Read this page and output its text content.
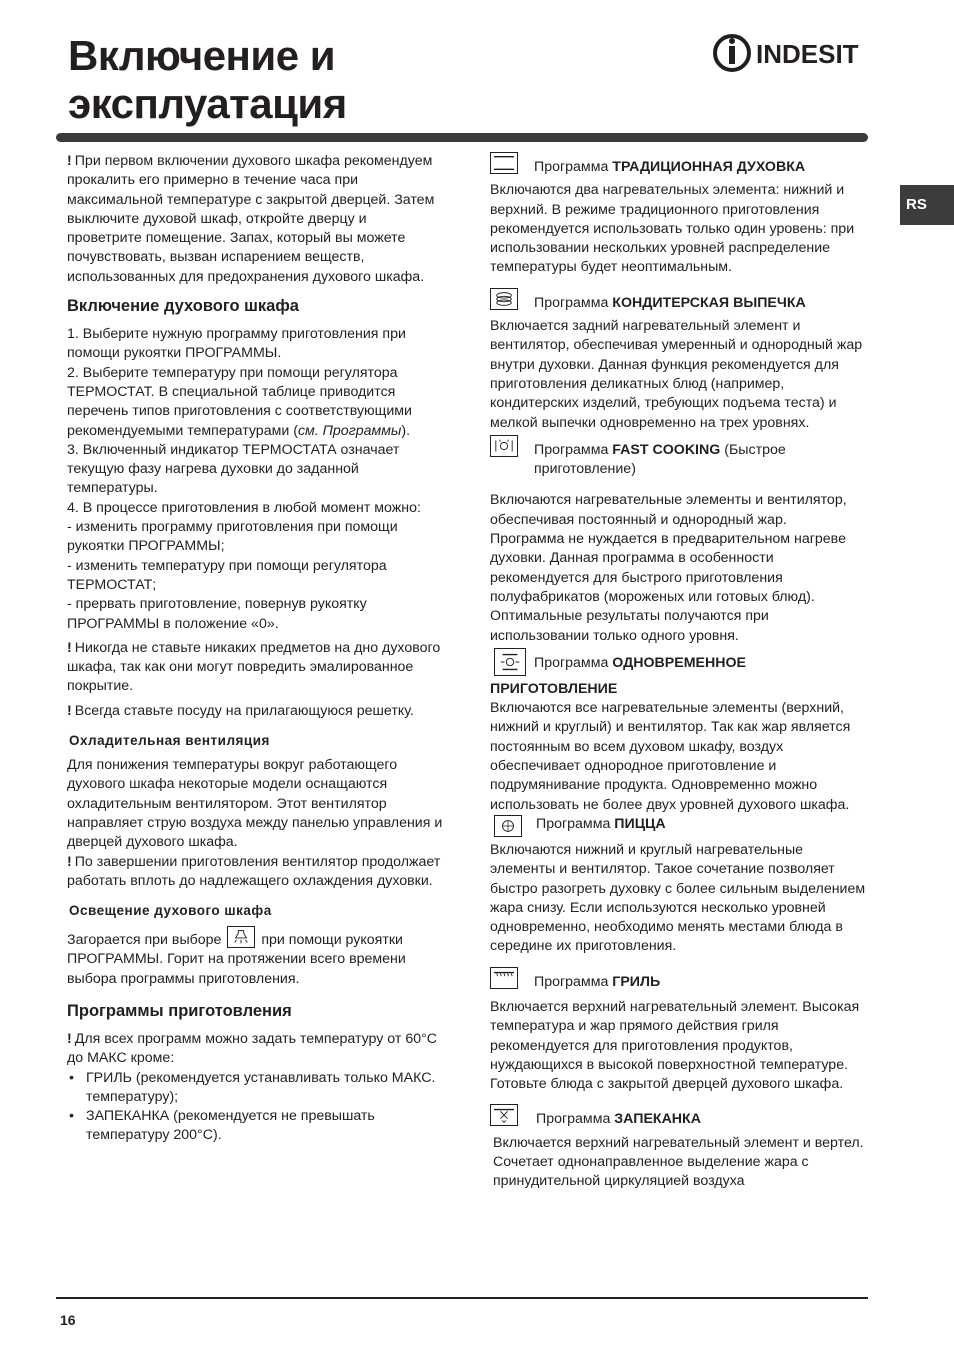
Включение и
эксплуатация
INDESIT
RS

! При первом включении духового шкафа рекомендуем прокалить его примерно в течение часа при максимальной температуре с закрытой дверцей. Затем выключите духовой шкаф, откройте дверцу и проветрите помещение. Запах, который вы можете почувствовать, вызван испарением веществ, использованных для предохранения духового шкафа.

Включение духового шкафа

1. Выберите нужную программу приготовления при помощи рукоятки ПРОГРАММЫ.

2. Выберите температуру при помощи регулятора ТЕРМОСТАТ. В специальной таблице приводится перечень типов приготовления с соответствующими рекомендуемыми температурами (см. Программы).

3. Включенный индикатор ТЕРМОСТАТА означает текущую фазу нагрева духовки до заданной температуры.

4. В процессе приготовления в любой момент можно:

- изменить программу приготовления при помощи рукоятки ПРОГРАММЫ;

- изменить температуру при помощи регулятора ТЕРМОСТАТ;

- прервать приготовление, повернув рукоятку ПРОГРАММЫ в положение «0».

! Никогда не ставьте никаких предметов на дно духового шкафа, так как они могут повредить эмалированное покрытие.

! Всегда ставьте посуду на прилагающуюся решетку.

Охладительная вентиляция

Для понижения температуры вокруг работающего духового шкафа некоторые модели оснащаются охладительным вентилятором. Этот вентилятор направляет струю воздуха между панелью управления и дверцей духового шкафа.

! По завершении приготовления вентилятор продолжает работать вплоть до надлежащего охлаждения духовки.

Освещение духового шкафа

Загорается при выборе	при помощи рукоятки ПРОГРАММЫ. Горит на протяжении всего времени выбора программы приготовления.

Программы приготовления

! Для всех программ можно задать температуру от 60°С до МАКС кроме:

• ГРИЛЬ (рекомендуется устанавливать только МАКС. температуру);
• ЗАПЕКАНКА (рекомендуется не превышать температуру 200°С).
Программа ТРАДИЦИОННАЯ ДУХОВКА

Включаются два нагревательных элемента: нижний и верхний. В режиме традиционного приготовления рекомендуется использовать только один уровень: при использовании нескольких уровней распределение температуры будет неоптимальным.

Программа КОНДИТЕРСКАЯ ВЫПЕЧКА

Включается задний нагревательный элемент и вентилятор, обеспечивая умеренный и однородный жар внутри духовки. Данная функция рекомендуется для приготовления деликатных блюд (например, кондитерских изделий, требующих подъема теста) и мелкой выпечки одновременно на трех уровнях.

Программа FAST COOKING (Быстрое приготовление)

Включаются нагревательные элементы и вентилятор, обеспечивая постоянный и однородный жар.

Программа не нуждается в предварительном нагреве духовки. Данная программа в особенности рекомендуется для быстрого приготовления полуфабрикатов (мороженых или готовых блюд). Оптимальные результаты получаются при использовании только одного уровня.

Программа ОДНОВРЕМЕННОЕ
ПРИГОТОВЛЕНИЕ

Включаются все нагревательные элементы (верхний, нижний и круглый) и вентилятор. Так как жар является постоянным во всем духовом шкафу, воздух обеспечивает однородное приготовление и подрумянивание продукта. Одновременно можно использовать не более двух уровней духового шкафа.

Программа ПИЦЦА

Включаются нижний и круглый нагревательные элементы и вентилятор. Такое сочетание позволяет быстро разогреть духовку с более сильным выделением жара снизу. Если используются несколько уровней одновременно, необходимо менять местами блюда в середине их приготовления.

Программа ГРИЛЬ

Включается верхний нагревательный элемент. Высокая температура и жар прямого действия гриля рекомендуется для приготовления продуктов, нуждающихся в высокой поверхностной температуре. Готовьте блюда с закрытой дверцей духового шкафа.

Программа ЗАПЕКАНКА

Включается верхний нагревательный элемент и вертел. Сочетает однонаправленное выделение жара с принудительной циркуляцией воздуха

16
